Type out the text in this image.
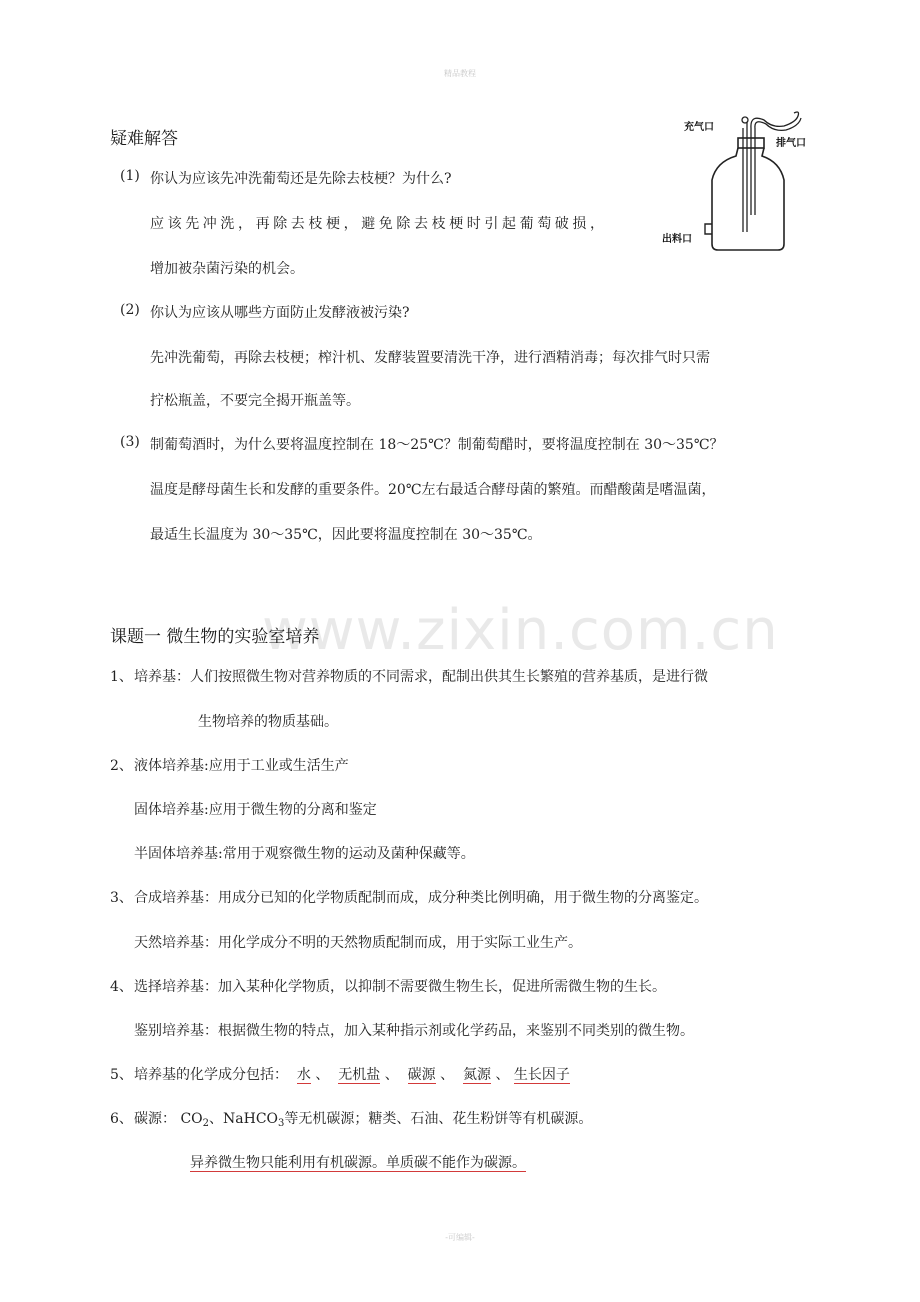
精品教程
www.zixin.com.cn
充气口
排气口
出料口
疑难解答
(1) 你认为应该先冲洗葡萄还是先除去枝梗？为什么?
应该先冲洗，再除去枝梗，避免除去枝梗时引起葡萄破损，
增加被杂菌污染的机会。
(2) 你认为应该从哪些方面防止发酵液被污染?
先冲洗葡萄，再除去枝梗；榨汁机、发酵装置要清洗干净，进行酒精消毒；每次排气时只需
拧松瓶盖，不要完全揭开瓶盖等。
(3) 制葡萄酒时，为什么要将温度控制在 18～25℃？制葡萄醋时，要将温度控制在 30～35℃？
温度是酵母菌生长和发酵的重要条件。20℃左右最适合酵母菌的繁殖。而醋酸菌是嗜温菌，
最适生长温度为 30～35℃，因此要将温度控制在 30～35℃。
课题一 微生物的实验室培养
1、 培养基：人们按照微生物对营养物质的不同需求，配制出供其生长繁殖的营养基质，是进行微
生物培养的物质基础。
2、 液体培养基:应用于工业或生活生产
固体培养基:应用于微生物的分离和鉴定
半固体培养基:常用于观察微生物的运动及菌种保藏等。
3、 合成培养基：用成分已知的化学物质配制而成，成分种类比例明确，用于微生物的分离鉴定。
天然培养基：用化学成分不明的天然物质配制而成，用于实际工业生产。
4、 选择培养基：加入某种化学物质，以抑制不需要微生物生长，促进所需微生物的生长。
鉴别培养基：根据微生物的特点，加入某种指示剂或化学药品，来鉴别不同类别的微生物。
5、 培养基的化学成分包括： 水 、 无机盐 、 碳源 、 氮源 、 生长因子
6、 碳源： $CO_2$、NaHCO$_3$等无机碳源；糖类、石油、花生粉饼等有机碳源。
异养微生物只能利用有机碳源。单质碳不能作为碳源。
-可编辑-
